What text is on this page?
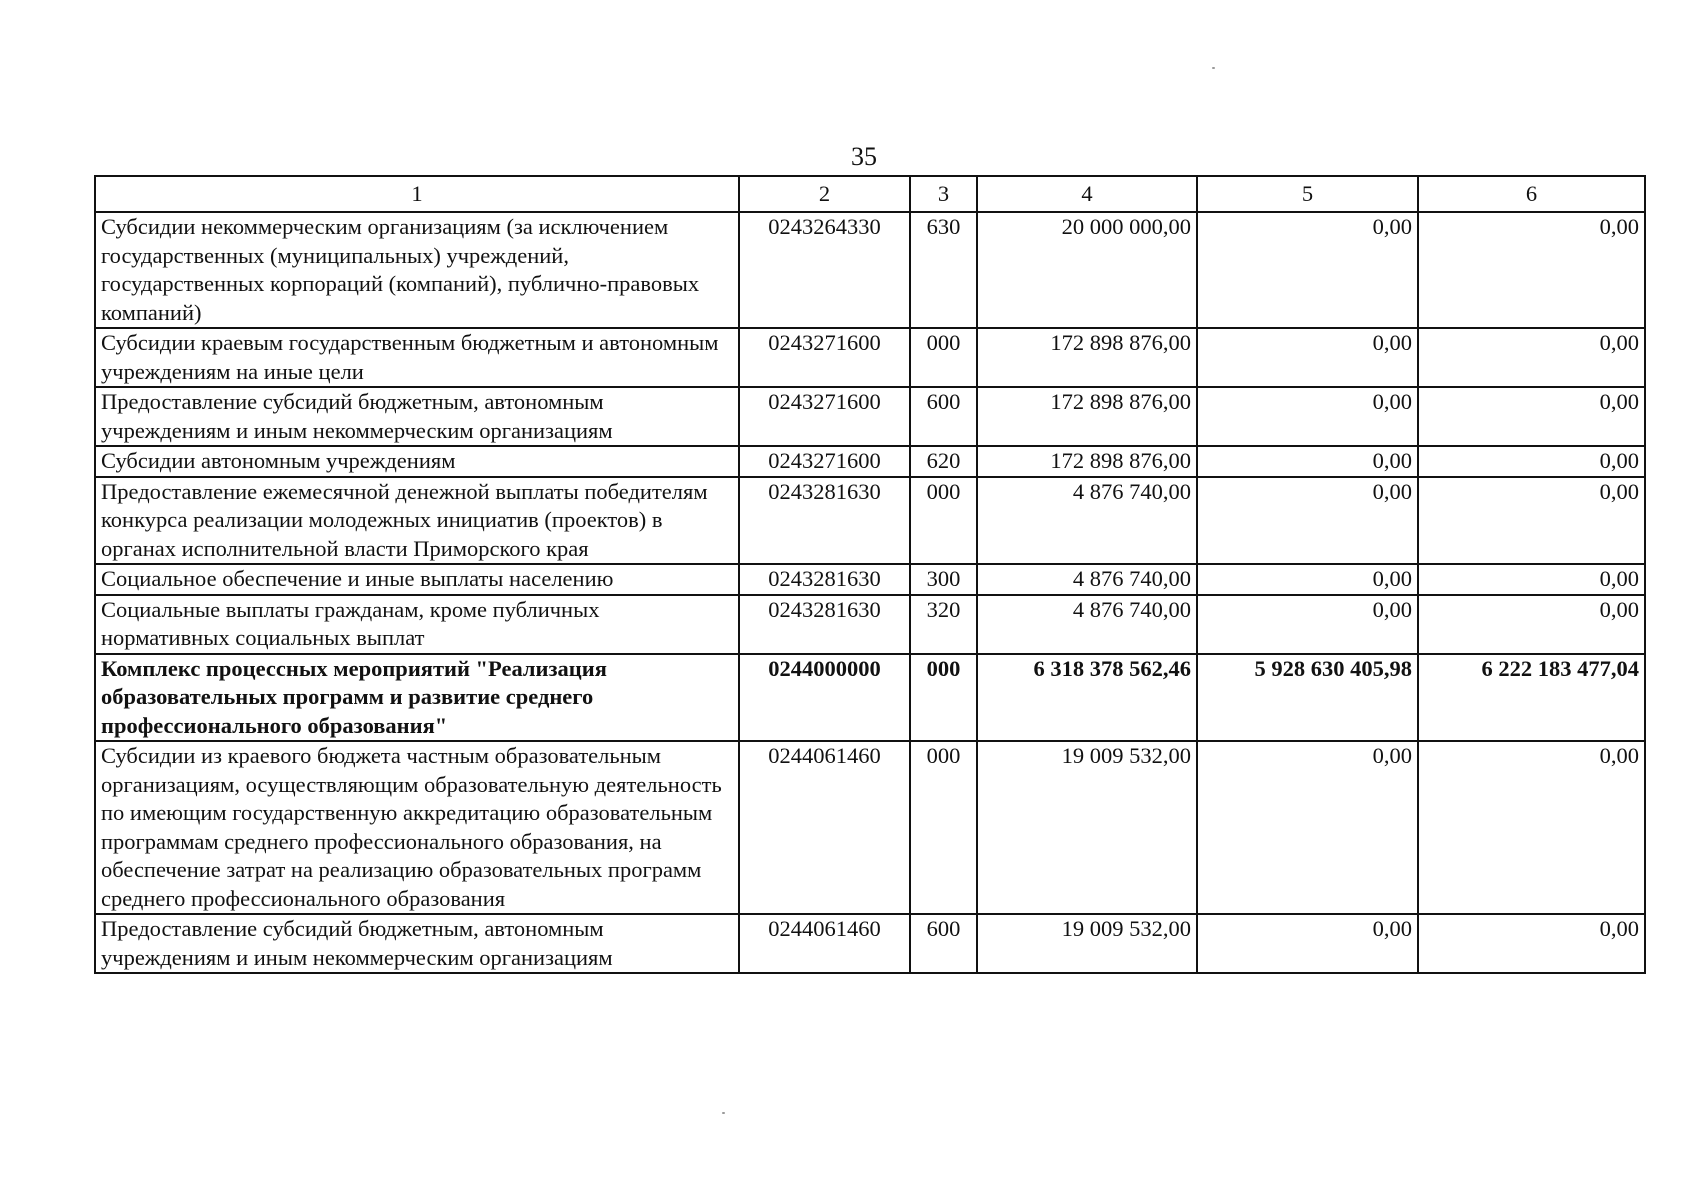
35
1	2	3	4	5	6
Субсидии некоммерческим организациям (за исключением государственных (муниципальных) учреждений, государственных корпораций (компаний), публично-правовых компаний)	0243264330	630	20 000 000,00	0,00	0,00
Субсидии краевым государственным бюджетным и автономным учреждениям на иные цели	0243271600	000	172 898 876,00	0,00	0,00
Предоставление субсидий бюджетным, автономным учреждениям и иным некоммерческим организациям	0243271600	600	172 898 876,00	0,00	0,00
Субсидии автономным учреждениям	0243271600	620	172 898 876,00	0,00	0,00
Предоставление ежемесячной денежной выплаты победителям конкурса реализации молодежных инициатив (проектов) в органах исполнительной власти Приморского края	0243281630	000	4 876 740,00	0,00	0,00
Социальное обеспечение и иные выплаты населению	0243281630	300	4 876 740,00	0,00	0,00
Социальные выплаты гражданам, кроме публичных нормативных социальных выплат	0243281630	320	4 876 740,00	0,00	0,00
Комплекс процессных мероприятий "Реализация образовательных программ и развитие среднего профессионального образования"	0244000000	000	6 318 378 562,46	5 928 630 405,98	6 222 183 477,04
Субсидии из краевого бюджета частным образовательным организациям, осуществляющим образовательную деятельность по имеющим государственную аккредитацию образовательным программам среднего профессионального образования, на обеспечение затрат на реализацию образовательных программ среднего профессионального образования	0244061460	000	19 009 532,00	0,00	0,00
Предоставление субсидий бюджетным, автономным учреждениям и иным некоммерческим организациям	0244061460	600	19 009 532,00	0,00	0,00
